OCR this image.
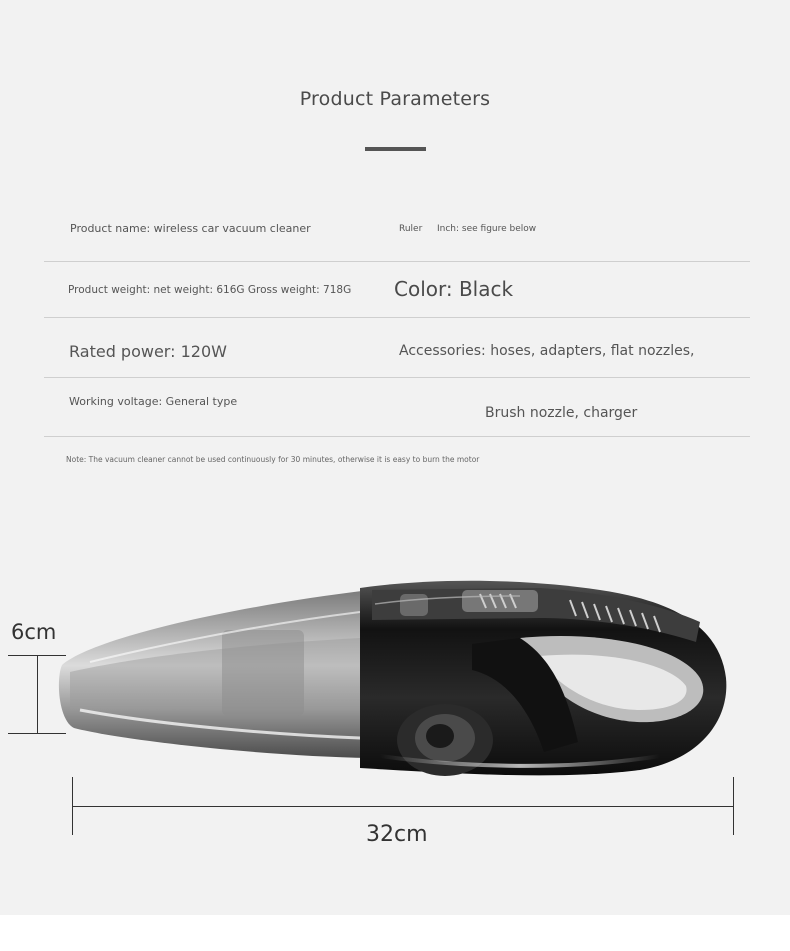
Product Parameters
Product name: wireless car vacuum cleaner	Ruler Inch: see figure below
Product weight: net weight: 616G Gross weight: 718G Color: Black
Rated power: 120W	Accessories: hoses, adapters, flat nozzles,
Working voltage: General type
Brush nozzle, charger
Note: The vacuum cleaner cannot be used continuously for 30 minutes, otherwise it is easy to burn the motor
6cm
32cm
